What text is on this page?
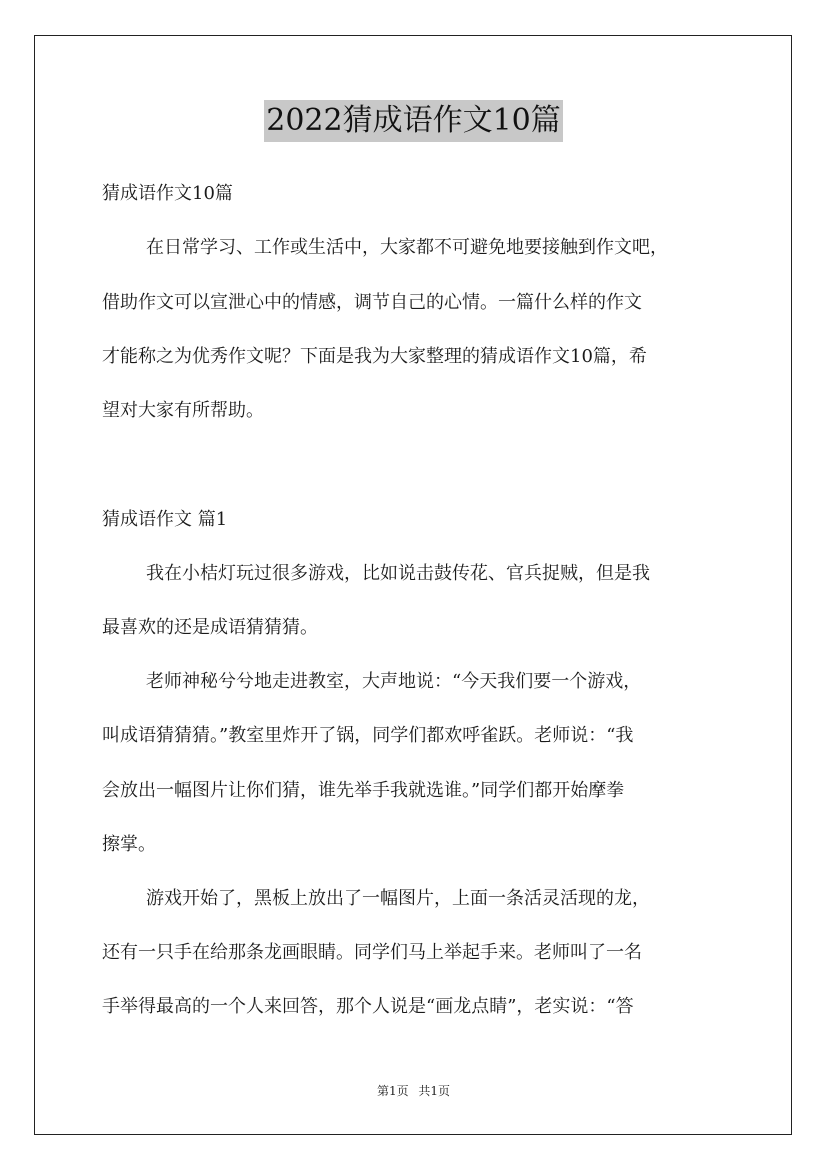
2022猜成语作文10篇
猜成语作文10篇
在日常学习、工作或生活中，大家都不可避免地要接触到作文吧，
借助作文可以宣泄心中的情感，调节自己的心情。一篇什么样的作文
才能称之为优秀作文呢？下面是我为大家整理的猜成语作文10篇，希
望对大家有所帮助。
猜成语作文 篇1
我在小桔灯玩过很多游戏，比如说击鼓传花、官兵捉贼，但是我
最喜欢的还是成语猜猜猜。
老师神秘兮兮地走进教室，大声地说：“今天我们要一个游戏，
叫成语猜猜猜。”教室里炸开了锅，同学们都欢呼雀跃。老师说：“我
会放出一幅图片让你们猜，谁先举手我就选谁。”同学们都开始摩拳
擦掌。
游戏开始了，黑板上放出了一幅图片，上面一条活灵活现的龙，
还有一只手在给那条龙画眼睛。同学们马上举起手来。老师叫了一名
手举得最高的一个人来回答，那个人说是“画龙点睛”，老实说：“答
第1页 共1页
